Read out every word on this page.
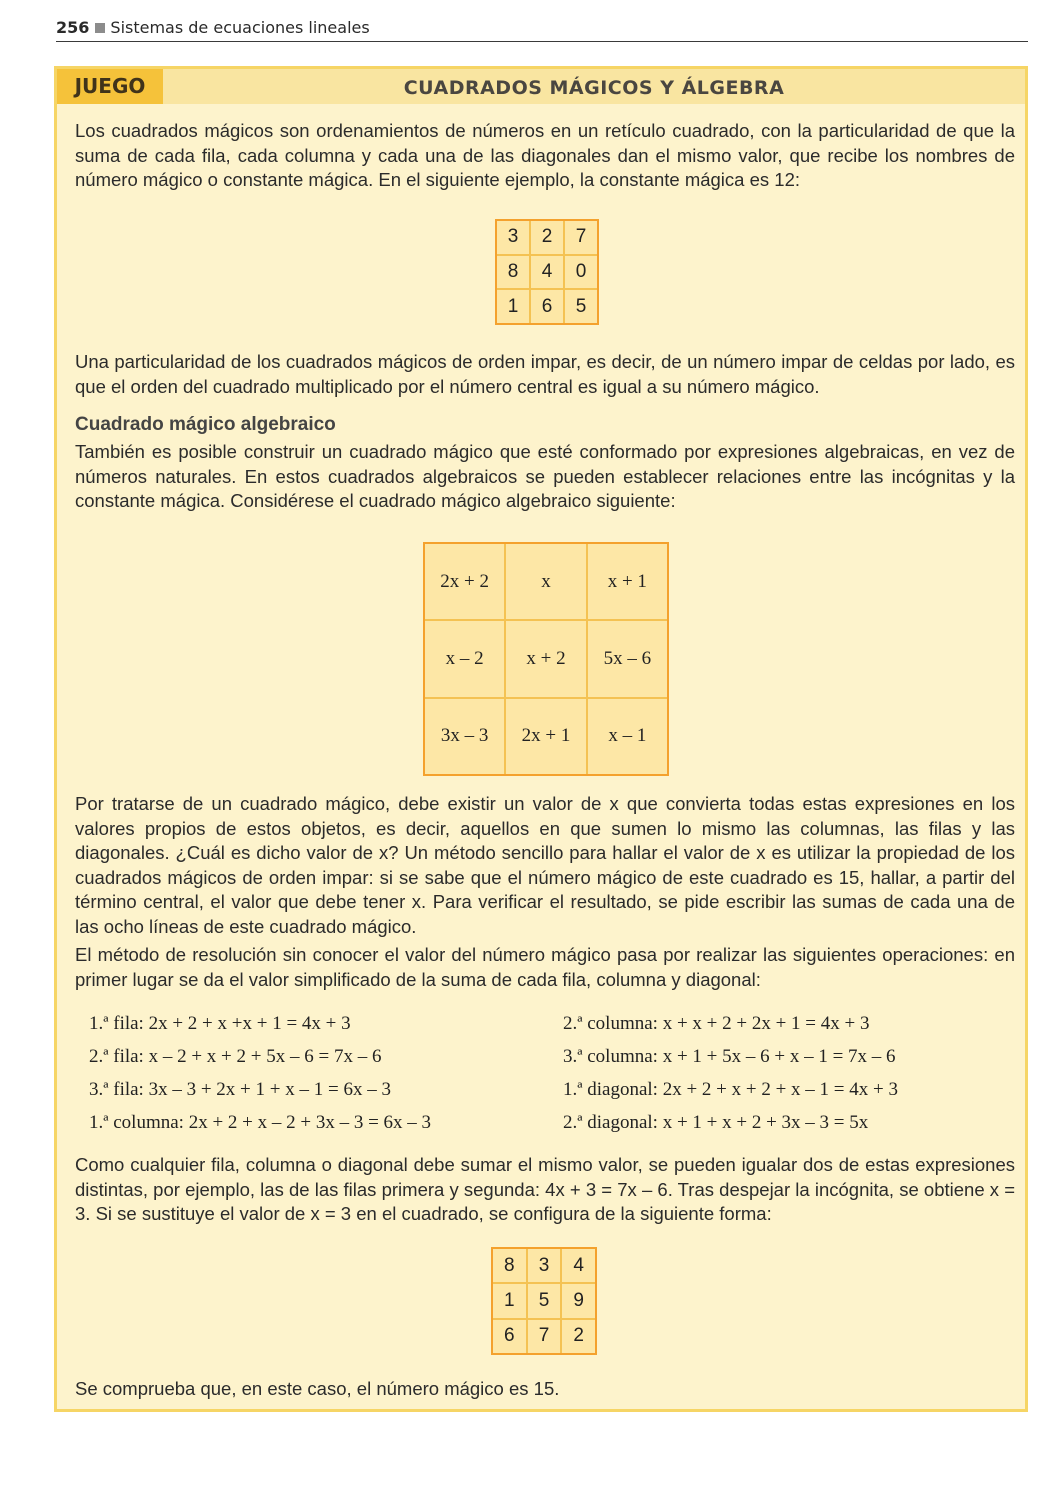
256 Sistemas de ecuaciones lineales
JUEGO	CUADRADOS MÁGICOS Y ÁLGEBRA

Los cuadrados mágicos son ordenamientos de números en un retículo cuadrado, con la particularidad de que la suma de cada fila, cada columna y cada una de las diagonales dan el mismo valor, que recibe los nombres de número mágico o constante mágica. En el siguiente ejemplo, la constante mágica es 12:

3	2	7
8	4	0
1	6	5

Una particularidad de los cuadrados mágicos de orden impar, es decir, de un número impar de celdas por lado, es que el orden del cuadrado multiplicado por el número central es igual a su número mágico.

Cuadrado mágico algebraico

También es posible construir un cuadrado mágico que esté conformado por expresiones algebraicas, en vez de números naturales. En estos cuadrados algebraicos se pueden establecer relaciones entre las incógnitas y la constante mágica. Considérese el cuadrado mágico algebraico siguiente:

2x + 2	x	x + 1
x – 2	x + 2	5x – 6
3x – 3	2x + 1	x – 1

Por tratarse de un cuadrado mágico, debe existir un valor de x que convierta todas estas expresiones en los valores propios de estos objetos, es decir, aquellos en que sumen lo mismo las columnas, las filas y las diagonales. ¿Cuál es dicho valor de x? Un método sencillo para hallar el valor de x es utilizar la propiedad de los cuadrados mágicos de orden impar: si se sabe que el número mágico de este cuadrado es 15, hallar, a partir del término central, el valor que debe tener x. Para verificar el resultado, se pide escribir las sumas de cada una de las ocho líneas de este cuadrado mágico.

El método de resolución sin conocer el valor del número mágico pasa por realizar las siguientes operaciones: en primer lugar se da el valor simplificado de la suma de cada fila, columna y diagonal:

1.ª fila: 2x + 2 + x +x + 1 = 4x + 3
2.ª fila: x – 2 + x + 2 + 5x – 6 = 7x – 6
3.ª fila: 3x – 3 + 2x + 1 + x – 1 = 6x – 3
1.ª columna: 2x + 2 + x – 2 + 3x – 3 = 6x – 3
2.ª columna: x + x + 2 + 2x + 1 = 4x + 3
3.ª columna: x + 1 + 5x – 6 + x – 1 = 7x – 6
1.ª diagonal: 2x + 2 + x + 2 + x – 1 = 4x + 3
2.ª diagonal: x + 1 + x + 2 + 3x – 3 = 5x

Como cualquier fila, columna o diagonal debe sumar el mismo valor, se pueden igualar dos de estas expresiones distintas, por ejemplo, las de las filas primera y segunda: 4x + 3 = 7x – 6. Tras despejar la incógnita, se obtiene x = 3. Si se sustituye el valor de x = 3 en el cuadrado, se configura de la siguiente forma:

8	3	4
1	5	9
6	7	2

Se comprueba que, en este caso, el número mágico es 15.
